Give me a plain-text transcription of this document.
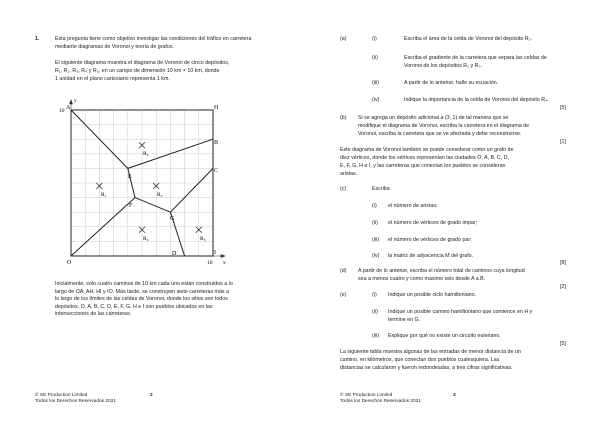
1.	Esta pregunta tiene como objetivo investigar las condiciones del tráfico en carretera mediante diagramas de Voronoi y teoría de grafos.
El siguiente diagrama muestra el diagrama de Voronoi de cinco depósitos,
R₁, R₂, R₃, R₄ y R₅, en un campo de dimensión 10 km × 10 km, donde
1 unidad en el plano cartesiano representa 1 km.
A	H
B
C
E
F
G
D	I
O
10
10 x
y
R₁
R₂
R₃
R₄	R₅
Inicialmente, solo cuatro caminos de 10 km cada uno están construidos a lo
largo de OA, AH, HI y IO. Más tarde, se construyen siete carreteras más a
lo largo de los límites de las celdas de Voronoi, donde los sitios son todos
depósitos. O, A, B, C, D, E, F, G, H e I son pueblos ubicados en las
intersecciones de las carreteras.
© SE Production Limited
Todos los Derechos Reservados 2021
2
(a)	(i)	Escriba el área de la celda de Voronoi del depósito R₂.
(ii)	Escriba el gradiente de la carretera que separa las celdas de
Voronoi de los depósitos R₂ y R₃.
(iii)	A partir de lo anterior, halle su ecuación.
(iv)	Indique la importancia de la celda de Voronoi del depósito R₄.
[5]
(b) Si se agrega un depósito adicional a (3, 1) de tal manera que se
modifique el diagrama de Voronoi, escriba la carretera en el diagrama de
Voronoi, escriba la carretera que se ve afectada y debe reconstruirse.
[1]
Este diagrama de Voronoi también se puede considerar como un grafo de
diez vértices, donde los vértices representan las ciudades O, A, B, C, D,
E, F, G, H e I, y las carreteras que conectan los pueblos se consideran
aristas.
(c)	Escriba
(i) el número de aristas;
(ii) el número de vértices de grado impar;
(iii) el número de vértices de grado par;
(iv) la matriz de adyacencia M del grafo.
[8]
(d) A partir de lo anterior, escriba el número total de caminos cuya longitud
sea a menos cuatro y como máximo seis desde A a B.
[2]
(e)	(i) Indique un posible ciclo hamiltoniano.
(ii) Indique un posible camino hamiltoniano que comience en H y
termine en G.
(iii) Explique por qué no existe un circuito euleriano.
[5]
La siguiente tabla muestra algunas de las entradas de menor distancia de un
camino, en kilómetros, que conectan dos pueblos cualesquiera. Las
distancias se calcularon y fueron redondeadas, a tres cifras significativas.
© SE Production Limited
Todos los Derechos Reservados 2021
3
